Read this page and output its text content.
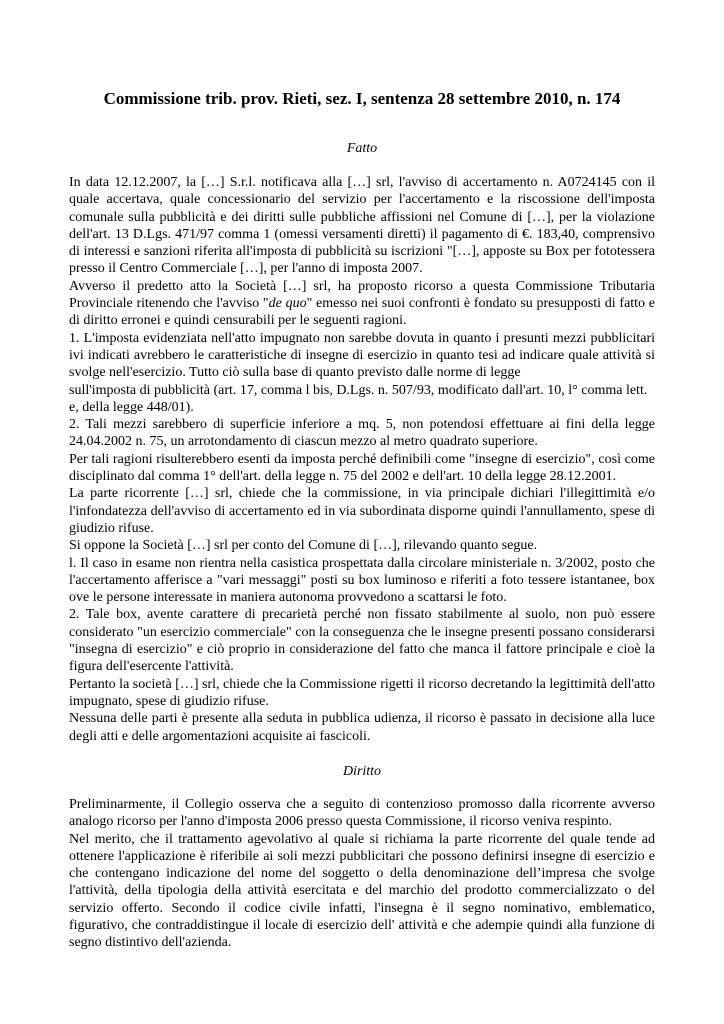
Commissione trib. prov. Rieti, sez. I, sentenza 28 settembre 2010, n. 174
Fatto

In data 12.12.2007, la […] S.r.l. notificava alla […] srl, l'avviso di accertamento n. A0724145 con il quale accertava, quale concessionario del servizio per l'accertamento e la riscossione dell'imposta comunale sulla pubblicità e dei diritti sulle pubbliche affissioni nel Comune di […], per la violazione dell'art. 13 D.Lgs. 471/97 comma 1 (omessi versamenti diretti) il pagamento di €. 183,40, comprensivo di interessi e sanzioni riferita all'imposta di pubblicità su iscrizioni "[…], apposte su Box per fototessera presso il Centro Commerciale […], per l'anno di imposta 2007.

Avverso il predetto atto la Società […] srl, ha proposto ricorso a questa Commissione Tributaria Provinciale ritenendo che l'avviso "de quo" emesso nei suoi confronti è fondato su presupposti di fatto e di diritto erronei e quindi censurabili per le seguenti ragioni.

1. L'imposta evidenziata nell'atto impugnato non sarebbe dovuta in quanto i presunti mezzi pubblicitari ivi indicati avrebbero le caratteristiche di insegne di esercizio in quanto tesi ad indicare quale attività si svolge nell'esercizio. Tutto ciò sulla base di quanto previsto dalle norme di legge

sull'imposta di pubblicità (art. 17, comma l bis, D.Lgs. n. 507/93, modificato dall'art. 10, l° comma lett. e, della legge 448/01).

2. Tali mezzi sarebbero di superficie inferiore a mq. 5, non potendosi effettuare ai fini della legge 24.04.2002 n. 75, un arrotondamento di ciascun mezzo al metro quadrato superiore.

Per tali ragioni risulterebbero esenti da imposta perché definibili come "insegne di esercizio", così come disciplinato dal comma 1° dell'art. della legge n. 75 del 2002 e dell'art. 10 della legge 28.12.2001.

La parte ricorrente […] srl, chiede che la commissione, in via principale dichiari l'illegittimità e/o l'infondatezza dell'avviso di accertamento ed in via subordinata disporne quindi l'annullamento, spese di giudizio rifuse.

Si oppone la Società […] srl per conto del Comune di […], rilevando quanto segue.

l. Il caso in esame non rientra nella casistica prospettata dalla circolare ministeriale n. 3/2002, posto che l'accertamento afferisce a "vari messaggi" posti su box luminoso e riferiti a foto tessere istantanee, box ove le persone interessate in maniera autonoma provvedono a scattarsi le foto.

2. Tale box, avente carattere di precarietà perché non fissato stabilmente al suolo, non può essere considerato "un esercizio commerciale" con la conseguenza che le insegne presenti possano considerarsi "insegna di esercizio" e ciò proprio in considerazione del fatto che manca il fattore principale e cioè la figura dell'esercente l'attività.

Pertanto la società […] srl, chiede che la Commissione rigetti il ricorso decretando la legittimità dell'atto impugnato, spese di giudizio rifuse.

Nessuna delle parti è presente alla seduta in pubblica udienza, il ricorso è passato in decisione alla luce degli atti e delle argomentazioni acquisite ai fascicoli.

Diritto

Preliminarmente, il Collegio osserva che a seguito di contenzioso promosso dalla ricorrente avverso analogo ricorso per l'anno d'imposta 2006 presso questa Commissione, il ricorso veniva respinto.

Nel merito, che il trattamento agevolativo al quale si richiama la parte ricorrente del quale tende ad ottenere l'applicazione è riferibile ai soli mezzi pubblicitari che possono definirsi insegne di esercizio e che contengano indicazione del nome del soggetto o della denominazione dell’impresa che svolge l'attività, della tipologia della attività esercitata e del marchio del prodotto commercializzato o del servizio offerto. Secondo il codice civile infatti, l'insegna è il segno nominativo, emblematico, figurativo, che contraddistingue il locale di esercizio dell' attività e che adempie quindi alla funzione di segno distintivo dell'azienda.
